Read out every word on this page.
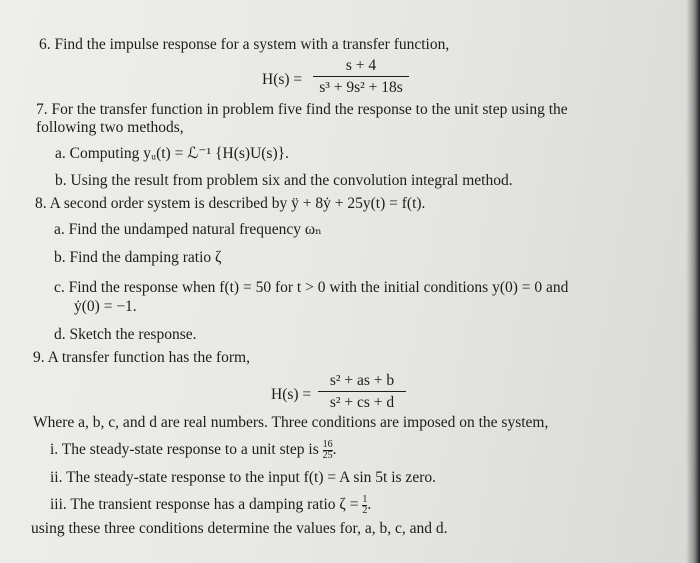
6. Find the impulse response for a system with a transfer function,
H(s) =
s + 4
s³ + 9s² + 18s
7. For the transfer function in problem five find the response to the unit step using the
following two methods,
a. Computing yᵤ(t) = ℒ⁻¹ {H(s)U(s)}.
b. Using the result from problem six and the convolution integral method.
8. A second order system is described by ÿ + 8ẏ + 25y(t) = f(t).
a. Find the undamped natural frequency ωₙ
b. Find the damping ratio ζ
c. Find the response when f(t) = 50 for t > 0 with the initial conditions y(0) = 0 and
ẏ(0) = −1.
d. Sketch the response.
9. A transfer function has the form,
H(s) =
s² + as + b
s² + cs + d
Where a, b, c, and d are real numbers. Three conditions are imposed on the system,
i. The steady-state response to a unit step is $\frac{16}{25}$ .
ii. The steady-state response to the input f(t) = A sin 5t is zero.
iii. The transient response has a damping ratio $\zeta = \frac{1}{2}$ .
using these three conditions determine the values for, a, b, c, and d.
